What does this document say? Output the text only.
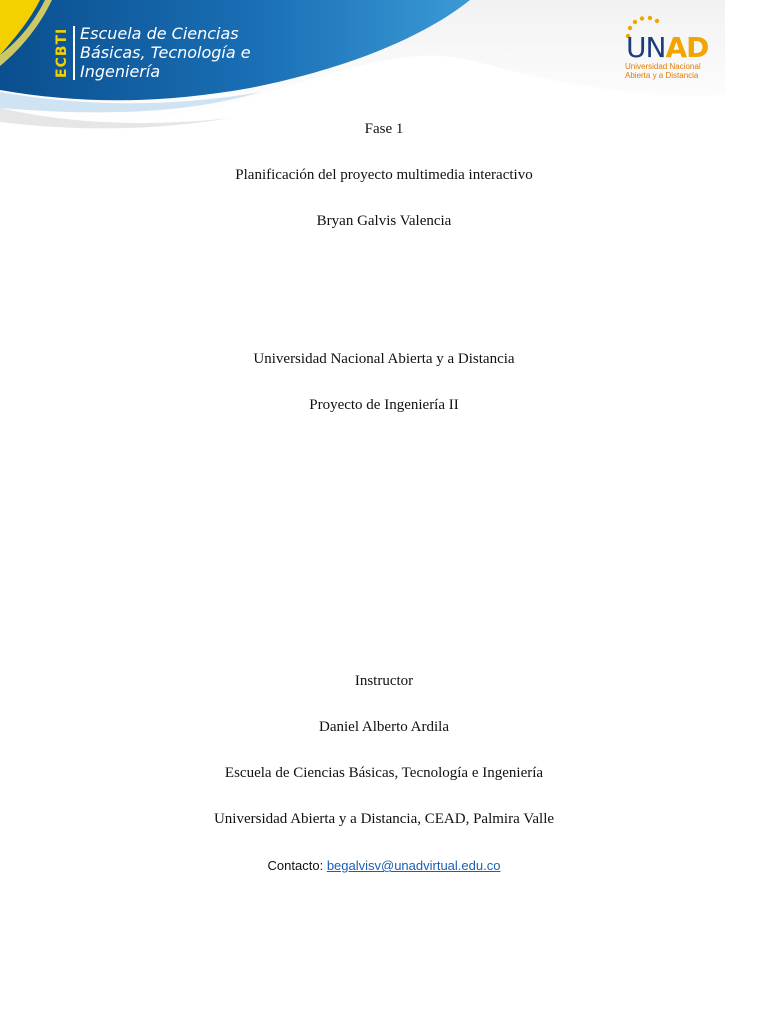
ECBTI Escuela de Ciencias
Básicas, Tecnología e
Ingeniería
UNAD
Universidad Nacional
Abierta y a Distancia
Fase 1
Planificación del proyecto multimedia interactivo
Bryan Galvis Valencia
Universidad Nacional Abierta y a Distancia
Proyecto de Ingeniería II
Instructor
Daniel Alberto Ardila
Escuela de Ciencias Básicas, Tecnología e Ingeniería
Universidad Abierta y a Distancia, CEAD, Palmira Valle
Contacto: begalvisv@unadvirtual.edu.co
